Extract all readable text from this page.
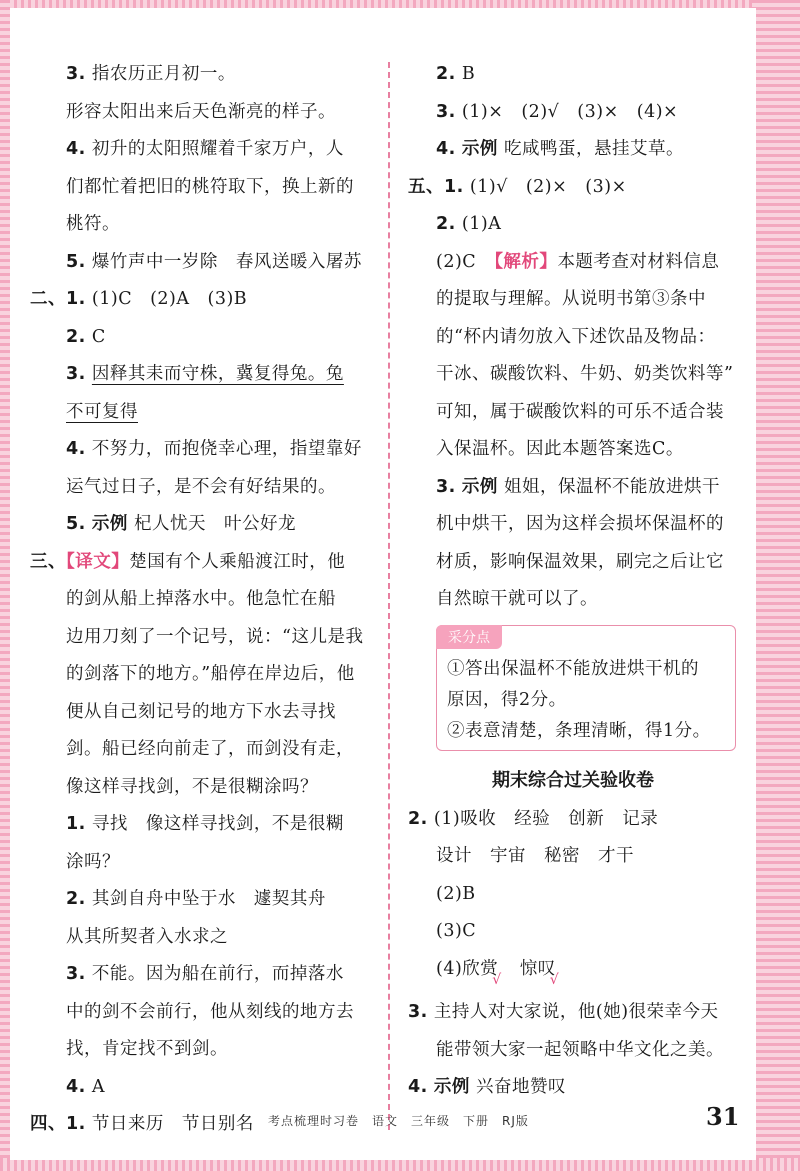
3. 指农历正月初一。
形容太阳出来后天色渐亮的样子。
4. 初升的太阳照耀着千家万户，人
们都忙着把旧的桃符取下，换上新的
桃符。
5. 爆竹声中一岁除　春风送暖入屠苏
二、1. (1)C　(2)A　(3)B
2. C
3. 因释其耒而守株，冀复得兔。兔
不可复得
4. 不努力，而抱侥幸心理，指望靠好
运气过日子，是不会有好结果的。
5. 示例 杞人忧天　叶公好龙
三、【译文】楚国有个人乘船渡江时，他
的剑从船上掉落水中。他急忙在船
边用刀刻了一个记号，说：“这儿是我
的剑落下的地方。”船停在岸边后，他
便从自己刻记号的地方下水去寻找
剑。船已经向前走了，而剑没有走，
像这样寻找剑，不是很糊涂吗？
1. 寻找　像这样寻找剑，不是很糊
涂吗？
2. 其剑自舟中坠于水　遽契其舟
从其所契者入水求之
3. 不能。因为船在前行，而掉落水
中的剑不会前行，他从刻线的地方去
找，肯定找不到剑。
4. A
四、1. 节日来历　节日别名
2. B
3. (1)×　(2)√　(3)×　(4)×
4. 示例 吃咸鸭蛋，悬挂艾草。
五、1. (1)√　(2)×　(3)×
2. (1)A
(2)C　【解析】本题考查对材料信息
的提取与理解。从说明书第③条中
的“杯内请勿放入下述饮品及物品：
干冰、碳酸饮料、牛奶、奶类饮料等”
可知，属于碳酸饮料的可乐不适合装
入保温杯。因此本题答案选C。
3. 示例 姐姐，保温杯不能放进烘干
机中烘干，因为这样会损坏保温杯的
材质，影响保温效果，刷完之后让它
自然晾干就可以了。
采分点
①答出保温杯不能放进烘干机的
原因，得2分。
②表意清楚，条理清晰，得1分。
期末综合过关验收卷
2. (1)吸收　经验　创新　记录
设计　宇宙　秘密　才干
(2)B
(3)C
(4)欣赏$_√$　惊叹$_√$
3. 主持人对大家说，他(她)很荣幸今天
能带领大家一起领略中华文化之美。
4. 示例 兴奋地赞叹
考点梳理时习卷　语文　三年级　下册　RJ版	31
